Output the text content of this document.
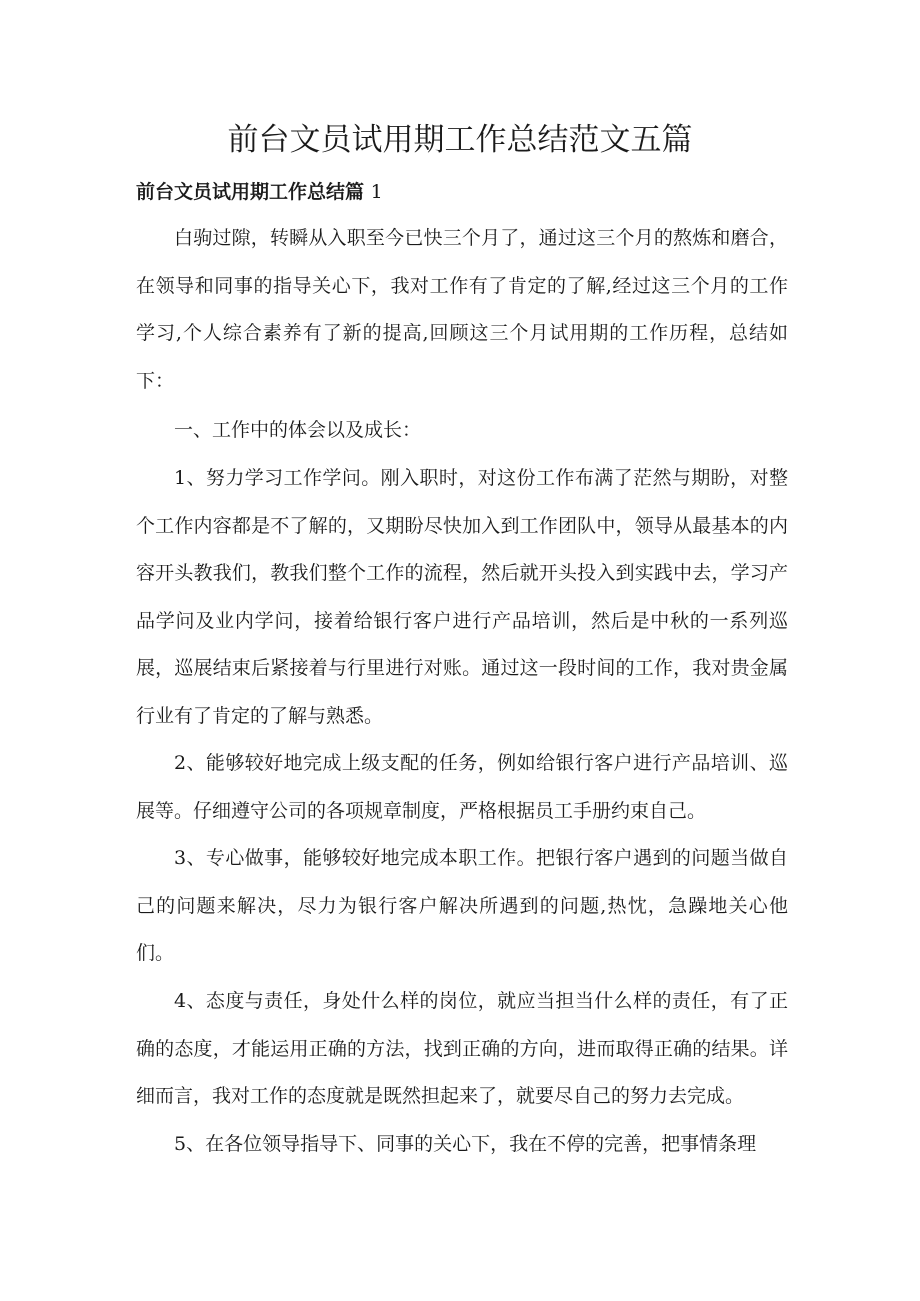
前台文员试用期工作总结范文五篇
前台文员试用期工作总结篇 1

白驹过隙，转瞬从入职至今已快三个月了，通过这三个月的熬炼和磨合，在领导和同事的指导关心下，我对工作有了肯定的了解,经过这三个月的工作学习,个人综合素养有了新的提高,回顾这三个月试用期的工作历程，总结如下：

一、工作中的体会以及成长：

1、努力学习工作学问。刚入职时，对这份工作布满了茫然与期盼，对整个工作内容都是不了解的，又期盼尽快加入到工作团队中，领导从最基本的内容开头教我们，教我们整个工作的流程，然后就开头投入到实践中去，学习产品学问及业内学问，接着给银行客户进行产品培训，然后是中秋的一系列巡展，巡展结束后紧接着与行里进行对账。通过这一段时间的工作，我对贵金属行业有了肯定的了解与熟悉。

2、能够较好地完成上级支配的任务，例如给银行客户进行产品培训、巡展等。仔细遵守公司的各项规章制度，严格根据员工手册约束自己。

3、专心做事，能够较好地完成本职工作。把银行客户遇到的问题当做自己的问题来解决，尽力为银行客户解决所遇到的问题,热忱，急躁地关心他们。

4、态度与责任，身处什么样的岗位，就应当担当什么样的责任，有了正确的态度，才能运用正确的方法，找到正确的方向，进而取得正确的结果。详细而言，我对工作的态度就是既然担起来了，就要尽自己的努力去完成。

5、在各位领导指导下、同事的关心下，我在不停的完善，把事情条理
